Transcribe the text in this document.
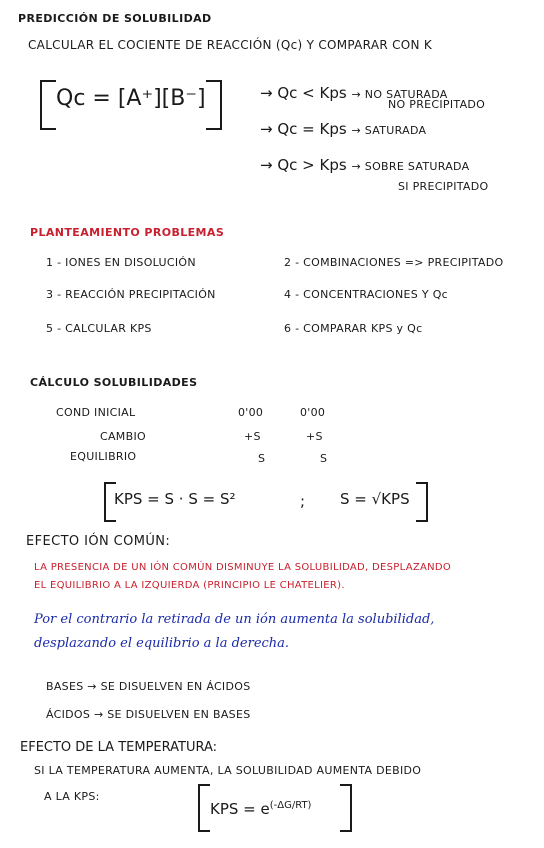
PREDICCIÓN DE SOLUBILIDAD
CALCULAR EL COCIENTE DE REACCIÓN (Qc) Y COMPARAR CON K
Qc = [A⁺][B⁻]	→ Qc < Kps → NO SATURADA
NO PRECIPITADO
→ Qc = Kps → SATURADA
→ Qc > Kps → SOBRE SATURADA
SI PRECIPITADO
PLANTEAMIENTO PROBLEMAS
1 - IONES EN DISOLUCIÓN	2 - COMBINACIONES => PRECIPITADO
3 - REACCIÓN PRECIPITACIÓN	4 - CONCENTRACIONES Y Qc
5 - CALCULAR KPS	6 - COMPARAR KPS y Qc
CÁLCULO SOLUBILIDADES
COND INICIAL	0'00	0'00
CAMBIO	+S	+S
EQUILIBRIO	S	S
KPS = S · S = S²	; S = √KPS
EFECTO IÓN COMÚN:
LA PRESENCIA DE UN IÓN COMÚN DISMINUYE LA SOLUBILIDAD, DESPLAZANDO
EL EQUILIBRIO A LA IZQUIERDA (PRINCIPIO LE CHATELIER).
Por el contrario la retirada de un ión aumenta la solubilidad,
desplazando el equilibrio a la derecha.
BASES → SE DISUELVEN EN ÁCIDOS
ÁCIDOS → SE DISUELVEN EN BASES
EFECTO DE LA TEMPERATURA:
SI LA TEMPERATURA AUMENTA, LA SOLUBILIDAD AUMENTA DEBIDO
A LA KPS:
KPS = $e^{(-\Delta G/RT)}$
